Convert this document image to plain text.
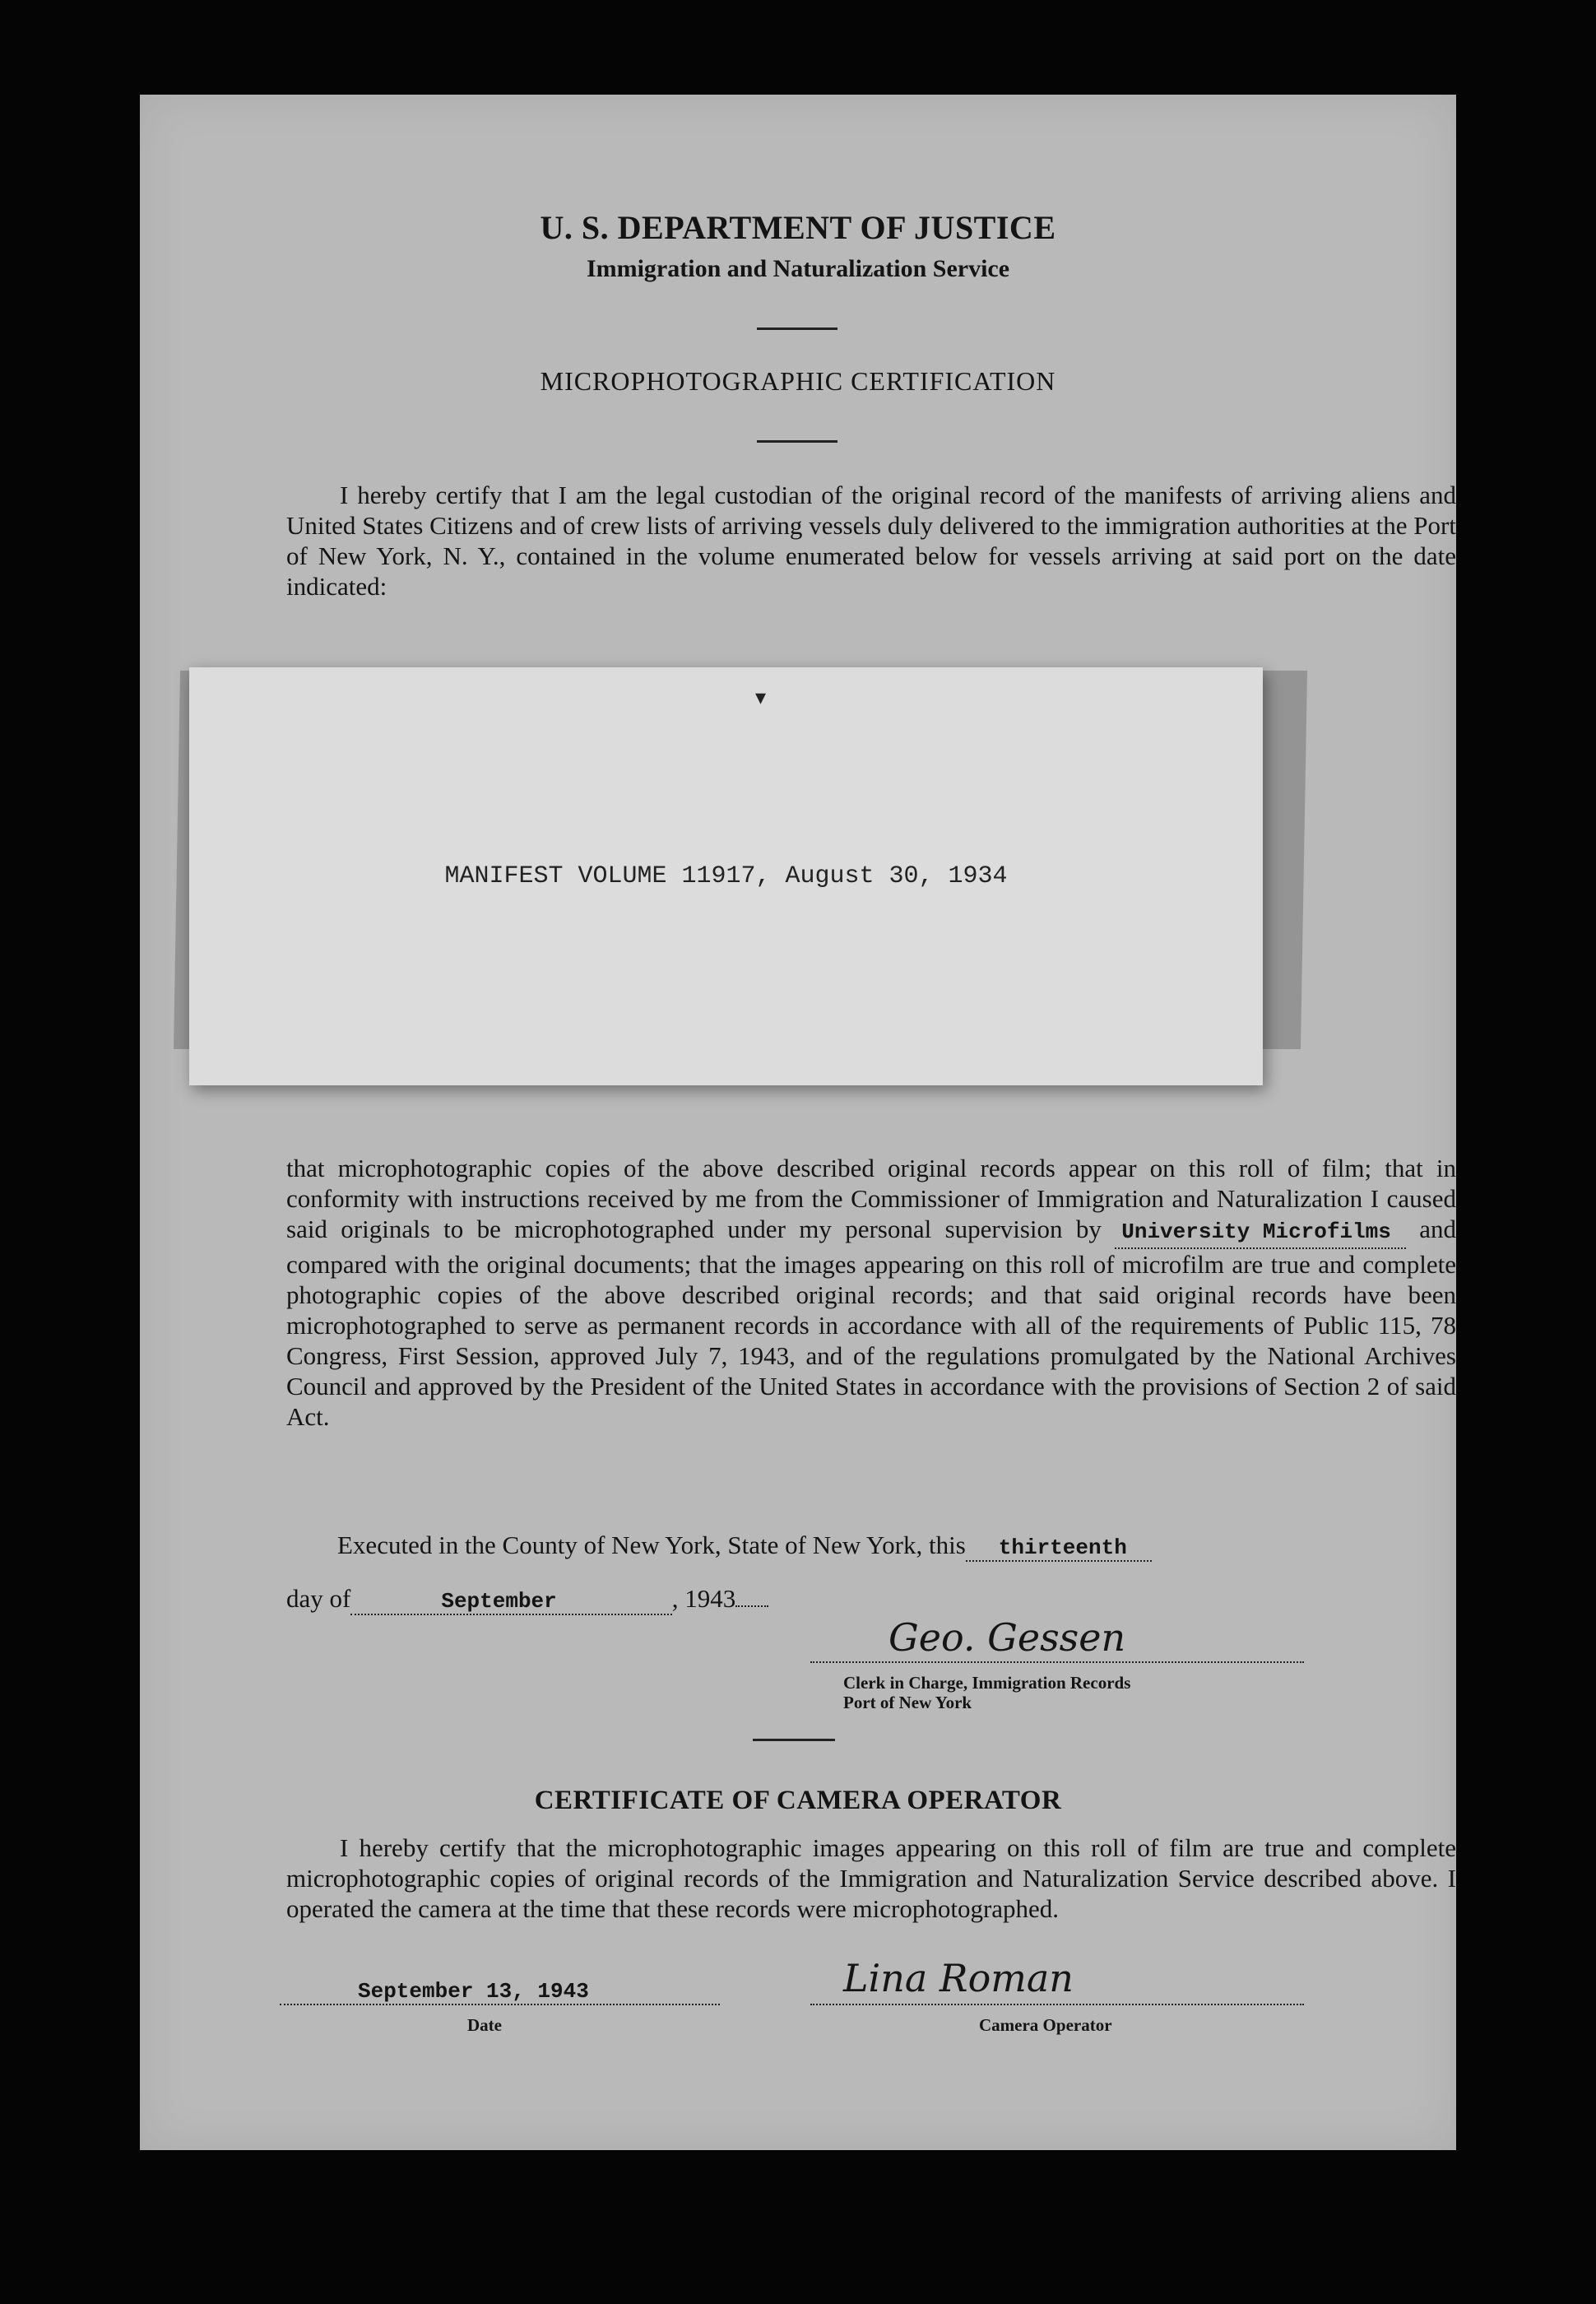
U. S. DEPARTMENT OF JUSTICE
Immigration and Naturalization Service
MICROPHOTOGRAPHIC CERTIFICATION

I hereby certify that I am the legal custodian of the original record of the manifests of arriving aliens and United States Citizens and of crew lists of arriving vessels duly delivered to the immigration authorities at the Port of New York, N. Y., contained in the volume enumerated below for vessels arriving at said port on the date indicated:

▾
MANIFEST VOLUME 11917, August 30, 1934

that microphotographic copies of the above described original records appear on this roll of film; that in conformity with instructions received by me from the Commissioner of Immigration and Naturalization I caused said originals to be microphotographed under my personal supervision by University Microfilms and compared with the original documents; that the images appearing on this roll of microfilm are true and complete photographic copies of the above described original records; and that said original records have been microphotographed to serve as permanent records in accordance with all of the requirements of Public 115, 78 Congress, First Session, approved July 7, 1943, and of the regulations promulgated by the National Archives Council and approved by the President of the United States in accordance with the provisions of Section 2 of said Act.

Executed in the County of New York, State of New York, this thirteenth
day of	September	, 1943
Geo. Gessen
Clerk in Charge, Immigration Records
Port of New York
CERTIFICATE OF CAMERA OPERATOR

I hereby certify that the microphotographic images appearing on this roll of film are true and complete microphotographic copies of original records of the Immigration and Naturalization Service described above. I operated the camera at the time that these records were microphotographed.

September 13, 1943
Date
Lina Roman
Camera Operator
